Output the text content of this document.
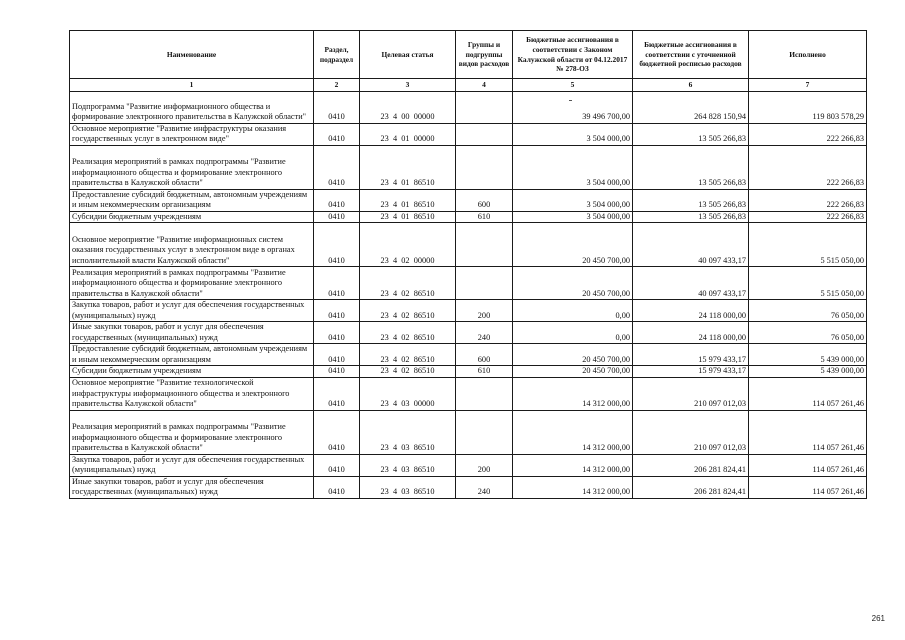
Наименование	Раздел, подраздел	Целевая статья	Группы и подгруппы видов расходов	Бюджетные ассигнования в соответствии с Законом Калужской области от 04.12.2017 № 278-ОЗ	Бюджетные ассигнования в соответствии с уточненной бюджетной росписью расходов	Исполнено
1	2	3	4	5	6	7
Подпрограмма "Развитие информационного общества и формирование электронного правительства в Калужской области"	0410	23  4  00  00000		39 496 700,00	264 828 150,94	119 803 578,29
Основное мероприятие "Развитие инфраструктуры оказания государственных услуг в электронном виде"	0410	23  4  01  00000		3 504 000,00	13 505 266,83	222 266,83
Реализация мероприятий в рамках подпрограммы "Развитие информационного общества и формирование электронного правительства в Калужской области"	0410	23  4  01  86510		3 504 000,00	13 505 266,83	222 266,83
Предоставление субсидий бюджетным, автономным учреждениям и иным некоммерческим организациям	0410	23  4  01  86510	600	3 504 000,00	13 505 266,83	222 266,83
Субсидии бюджетным учреждениям	0410	23  4  01  86510	610	3 504 000,00	13 505 266,83	222 266,83
Основное мероприятие "Развитие информационных систем оказания государственных услуг в электронном виде в органах исполнительной власти Калужской области"	0410	23  4  02  00000		20 450 700,00	40 097 433,17	5 515 050,00
Реализация мероприятий в рамках подпрограммы "Развитие информационного общества и формирование электронного правительства в Калужской области"	0410	23  4  02  86510		20 450 700,00	40 097 433,17	5 515 050,00
Закупка товаров, работ и услуг для обеспечения государственных (муниципальных) нужд	0410	23  4  02  86510	200	0,00	24 118 000,00	76 050,00
Иные закупки товаров, работ и услуг для обеспечения государственных (муниципальных) нужд	0410	23  4  02  86510	240	0,00	24 118 000,00	76 050,00
Предоставление субсидий бюджетным, автономным учреждениям и иным некоммерческим организациям	0410	23  4  02  86510	600	20 450 700,00	15 979 433,17	5 439 000,00
Субсидии бюджетным учреждениям	0410	23  4  02  86510	610	20 450 700,00	15 979 433,17	5 439 000,00
Основное мероприятие "Развитие технологической инфраструктуры информационного общества и электронного правительства Калужской области"	0410	23  4  03  00000		14 312 000,00	210 097 012,03	114 057 261,46
Реализация мероприятий в рамках подпрограммы "Развитие информационного общества и формирование электронного правительства в Калужской области"	0410	23  4  03  86510		14 312 000,00	210 097 012,03	114 057 261,46
Закупка товаров, работ и услуг для обеспечения государственных (муниципальных) нужд	0410	23  4  03  86510	200	14 312 000,00	206 281 824,41	114 057 261,46
Иные закупки товаров, работ и услуг для обеспечения государственных (муниципальных) нужд	0410	23  4  03  86510	240	14 312 000,00	206 281 824,41	114 057 261,46
261
